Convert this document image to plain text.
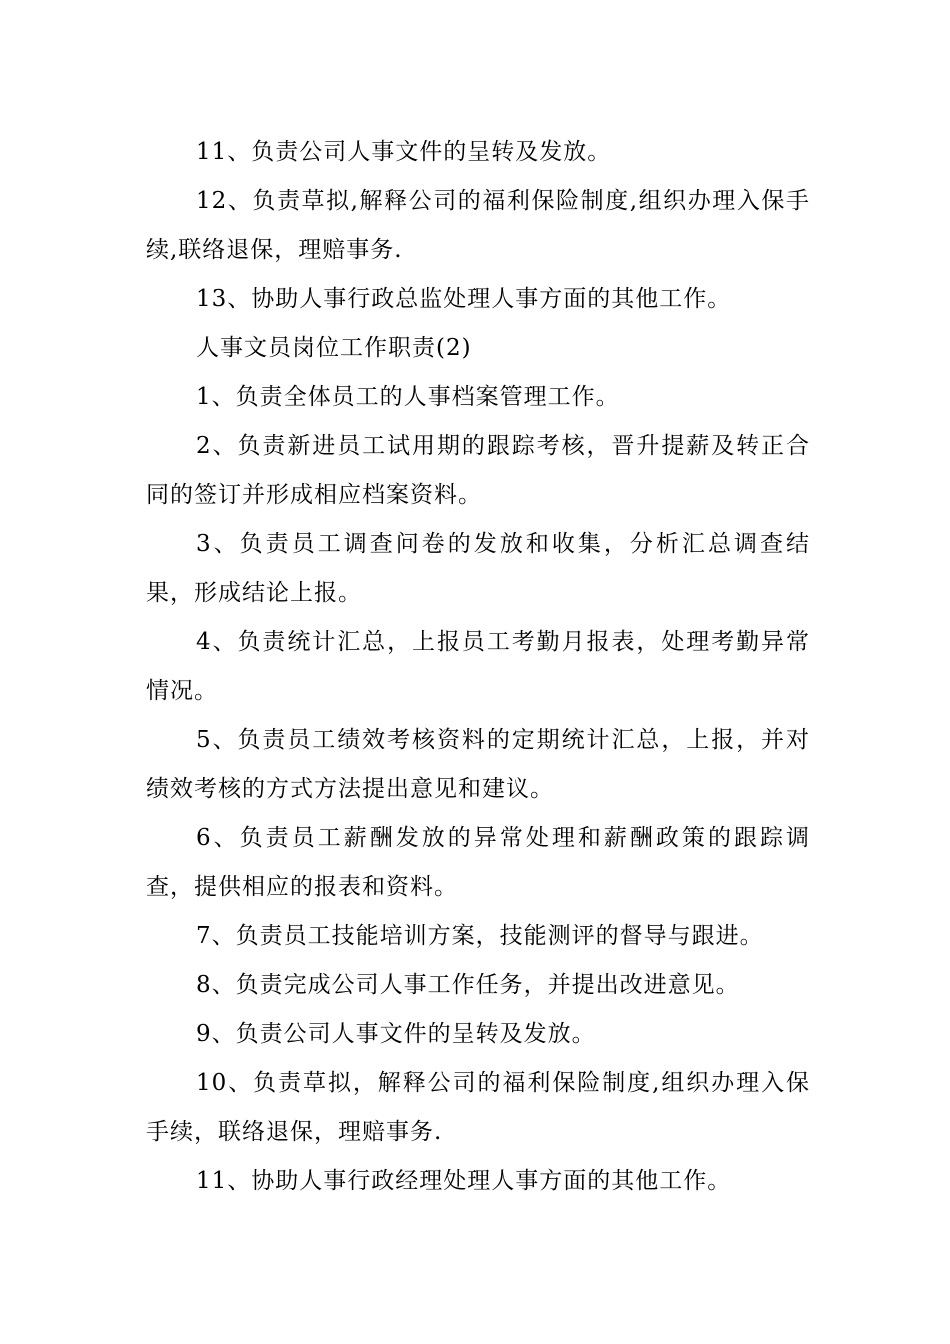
11、负责公司人事文件的呈转及发放。

12、负责草拟,解释公司的福利保险制度,组织办理入保手续,联络退保，理赔事务.

13、协助人事行政总监处理人事方面的其他工作。

人事文员岗位工作职责(2)

1、负责全体员工的人事档案管理工作。

2、负责新进员工试用期的跟踪考核，晋升提薪及转正合同的签订并形成相应档案资料。

3、负责员工调查问卷的发放和收集，分析汇总调查结果，形成结论上报。

4、负责统计汇总，上报员工考勤月报表，处理考勤异常情况。

5、负责员工绩效考核资料的定期统计汇总，上报，并对绩效考核的方式方法提出意见和建议。

6、负责员工薪酬发放的异常处理和薪酬政策的跟踪调查，提供相应的报表和资料。

7、负责员工技能培训方案，技能测评的督导与跟进。

8、负责完成公司人事工作任务，并提出改进意见。

9、负责公司人事文件的呈转及发放。

10、负责草拟，解释公司的福利保险制度,组织办理入保手续，联络退保，理赔事务.

11、协助人事行政经理处理人事方面的其他工作。
